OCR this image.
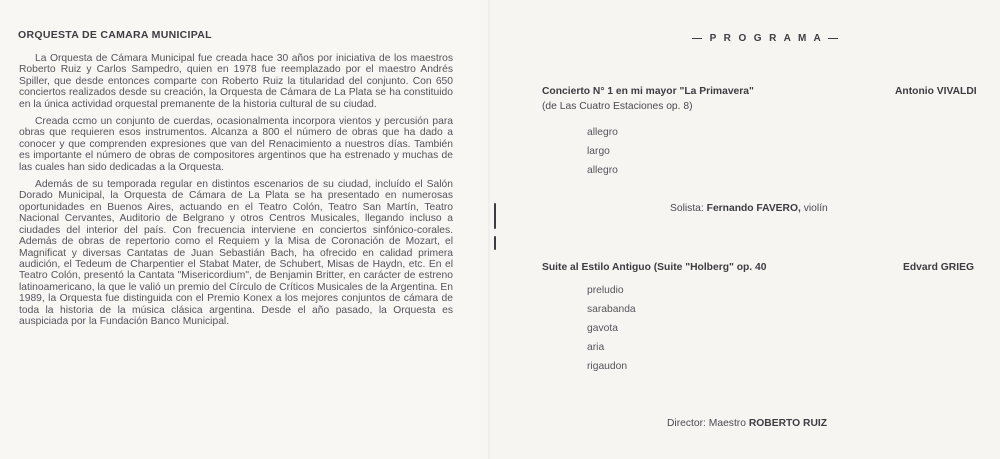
ORQUESTA DE CAMARA MUNICIPAL

La Orquesta de Cámara Municipal fue creada hace 30 años por iniciativa de los maestros Roberto Ruiz y Carlos Sampedro, quien en 1978 fue reemplazado por el maestro Andrés Spiller, que desde entonces comparte con Roberto Ruiz la titularidad del conjunto. Con 650 conciertos realizados desde su creación, la Orquesta de Cámara de La Plata se ha constituido en la única actividad orquestal premanente de la historia cultural de su ciudad.

Creada ccmo un conjunto de cuerdas, ocasionalmenta incorpora vientos y percusión para obras que requieren esos instrumentos. Alcanza a 800 el número de obras que ha dado a conocer y que comprenden expresiones que van del Renacimiento a nuestros días. También es importante el número de obras de compositores argentinos que ha estrenado y muchas de las cuales han sido dedicadas a la Orquesta.

Además de su temporada regular en distintos escenarios de su ciudad, incluído el Salón Dorado Municipal, la Orquesta de Cámara de La Plata se ha presentado en numerosas oportunidades en Buenos Aires, actuando en el Teatro Colón, Teatro San Martín, Teatro Nacional Cervantes, Auditorio de Belgrano y otros Centros Musicales, llegando incluso a ciudades del interior del país. Con frecuencia interviene en conciertos sinfónico-corales. Además de obras de repertorio como el Requiem y la Misa de Coronación de Mozart, el Magnificat y diversas Cantatas de Juan Sebastián Bach, ha ofrecido en calidad primera audición, el Tedeum de Charpentier el Stabat Mater, de Schubert, Misas de Haydn, etc. En el Teatro Colón, presentó la Cantata "Misericordium", de Benjamin Britter, en carácter de estreno latinoamericano, la que le valió un premio del Círculo de Críticos Musicales de la Argentina. En 1989, la Orquesta fue distinguida con el Premio Konex a los mejores conjuntos de cámara de toda la historia de la música clásica argentina. Desde el año pasado, la Orquesta es auspiciada por la Fundación Banco Municipal.

— P R O G R A M A —
Concierto N° 1 en mi mayor "La Primavera"	Antonio VIVALDI
(de Las Cuatro Estaciones op. 8)
allegro
largo
allegro
Solista: Fernando FAVERO, violín
Suite al Estilo Antiguo (Suite "Holberg" op. 40	Edvard GRIEG
preludio
sarabanda
gavota
aria
rigaudon
Director: Maestro ROBERTO RUIZ
